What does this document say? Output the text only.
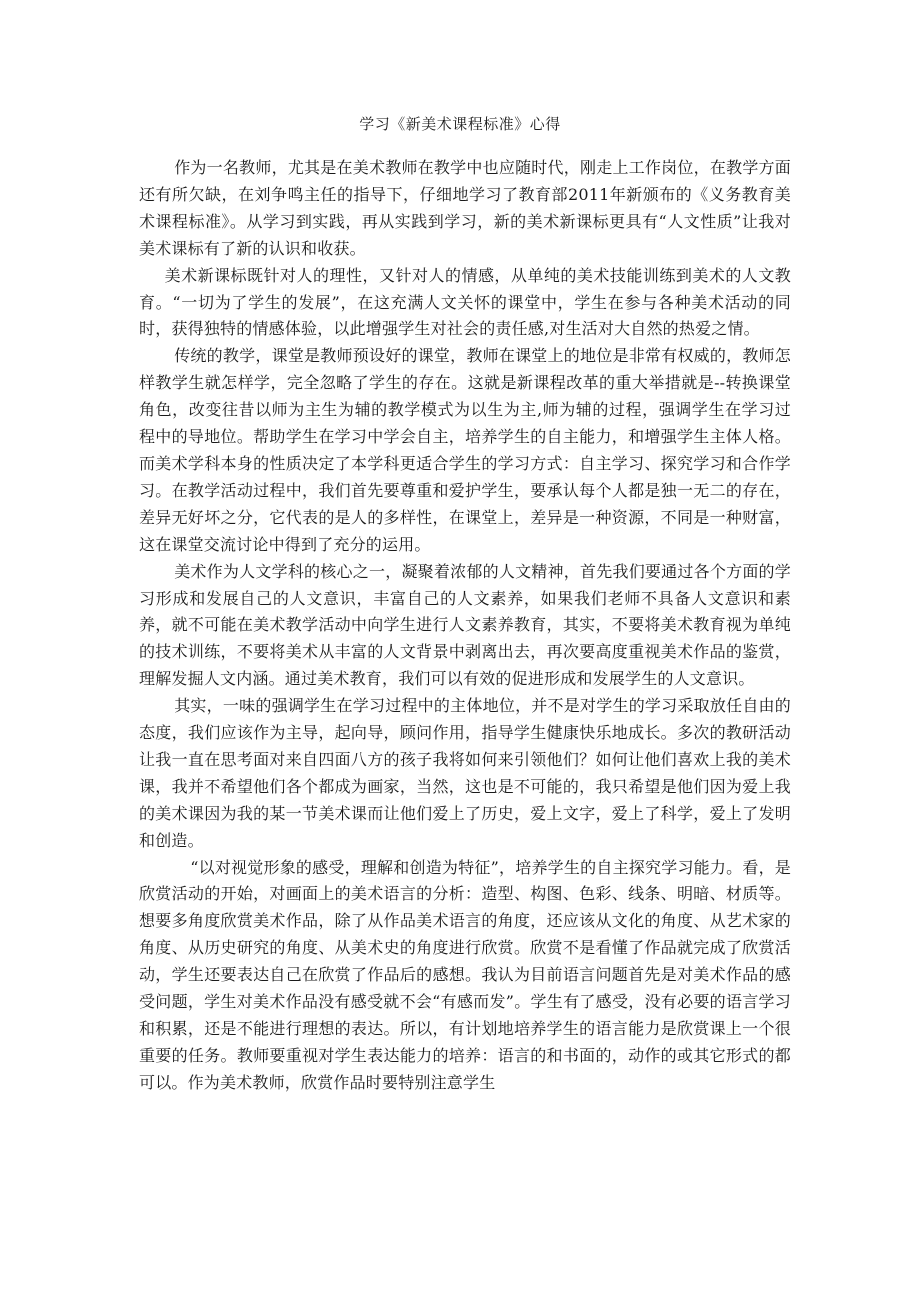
学习《新美术课程标准》心得

作为一名教师，尤其是在美术教师在教学中也应随时代，刚走上工作岗位，在教学方面还有所欠缺，在刘争鸣主任的指导下，仔细地学习了教育部2011年新颁布的《义务教育美术课程标准》。从学习到实践，再从实践到学习，新的美术新课标更具有“人文性质”让我对美术课标有了新的认识和收获。

美术新课标既针对人的理性，又针对人的情感，从单纯的美术技能训练到美术的人文教育。“一切为了学生的发展”，在这充满人文关怀的课堂中，学生在参与各种美术活动的同时，获得独特的情感体验，以此增强学生对社会的责任感,对生活对大自然的热爱之情。

传统的教学，课堂是教师预设好的课堂，教师在课堂上的地位是非常有权威的，教师怎样教学生就怎样学，完全忽略了学生的存在。这就是新课程改革的重大举措就是--转换课堂角色，改变往昔以师为主生为辅的教学模式为以生为主,师为辅的过程，强调学生在学习过程中的导地位。帮助学生在学习中学会自主，培养学生的自主能力，和增强学生主体人格。而美术学科本身的性质决定了本学科更适合学生的学习方式：自主学习、探究学习和合作学习。在教学活动过程中，我们首先要尊重和爱护学生，要承认每个人都是独一无二的存在，差异无好坏之分，它代表的是人的多样性，在课堂上，差异是一种资源，不同是一种财富，这在课堂交流讨论中得到了充分的运用。

美术作为人文学科的核心之一，凝聚着浓郁的人文精神，首先我们要通过各个方面的学习形成和发展自己的人文意识，丰富自己的人文素养，如果我们老师不具备人文意识和素养，就不可能在美术教学活动中向学生进行人文素养教育，其实，不要将美术教育视为单纯的技术训练，不要将美术从丰富的人文背景中剥离出去，再次要高度重视美术作品的鉴赏，理解发掘人文内涵。通过美术教育，我们可以有效的促进形成和发展学生的人文意识。

其实，一味的强调学生在学习过程中的主体地位，并不是对学生的学习采取放任自由的态度，我们应该作为主导，起向导，顾问作用，指导学生健康快乐地成长。多次的教研活动让我一直在思考面对来自四面八方的孩子我将如何来引领他们？如何让他们喜欢上我的美术课，我并不希望他们各个都成为画家，当然，这也是不可能的，我只希望是他们因为爱上我的美术课因为我的某一节美术课而让他们爱上了历史，爱上文字，爱上了科学，爱上了发明和创造。

“以对视觉形象的感受，理解和创造为特征”，培养学生的自主探究学习能力。看，是欣赏活动的开始，对画面上的美术语言的分析：造型、构图、色彩、线条、明暗、材质等。想要多角度欣赏美术作品，除了从作品美术语言的角度，还应该从文化的角度、从艺术家的角度、从历史研究的角度、从美术史的角度进行欣赏。欣赏不是看懂了作品就完成了欣赏活动，学生还要表达自己在欣赏了作品后的感想。我认为目前语言问题首先是对美术作品的感受问题，学生对美术作品没有感受就不会“有感而发”。学生有了感受，没有必要的语言学习和积累，还是不能进行理想的表达。所以，有计划地培养学生的语言能力是欣赏课上一个很重要的任务。教师要重视对学生表达能力的培养：语言的和书面的，动作的或其它形式的都可以。作为美术教师，欣赏作品时要特别注意学生
